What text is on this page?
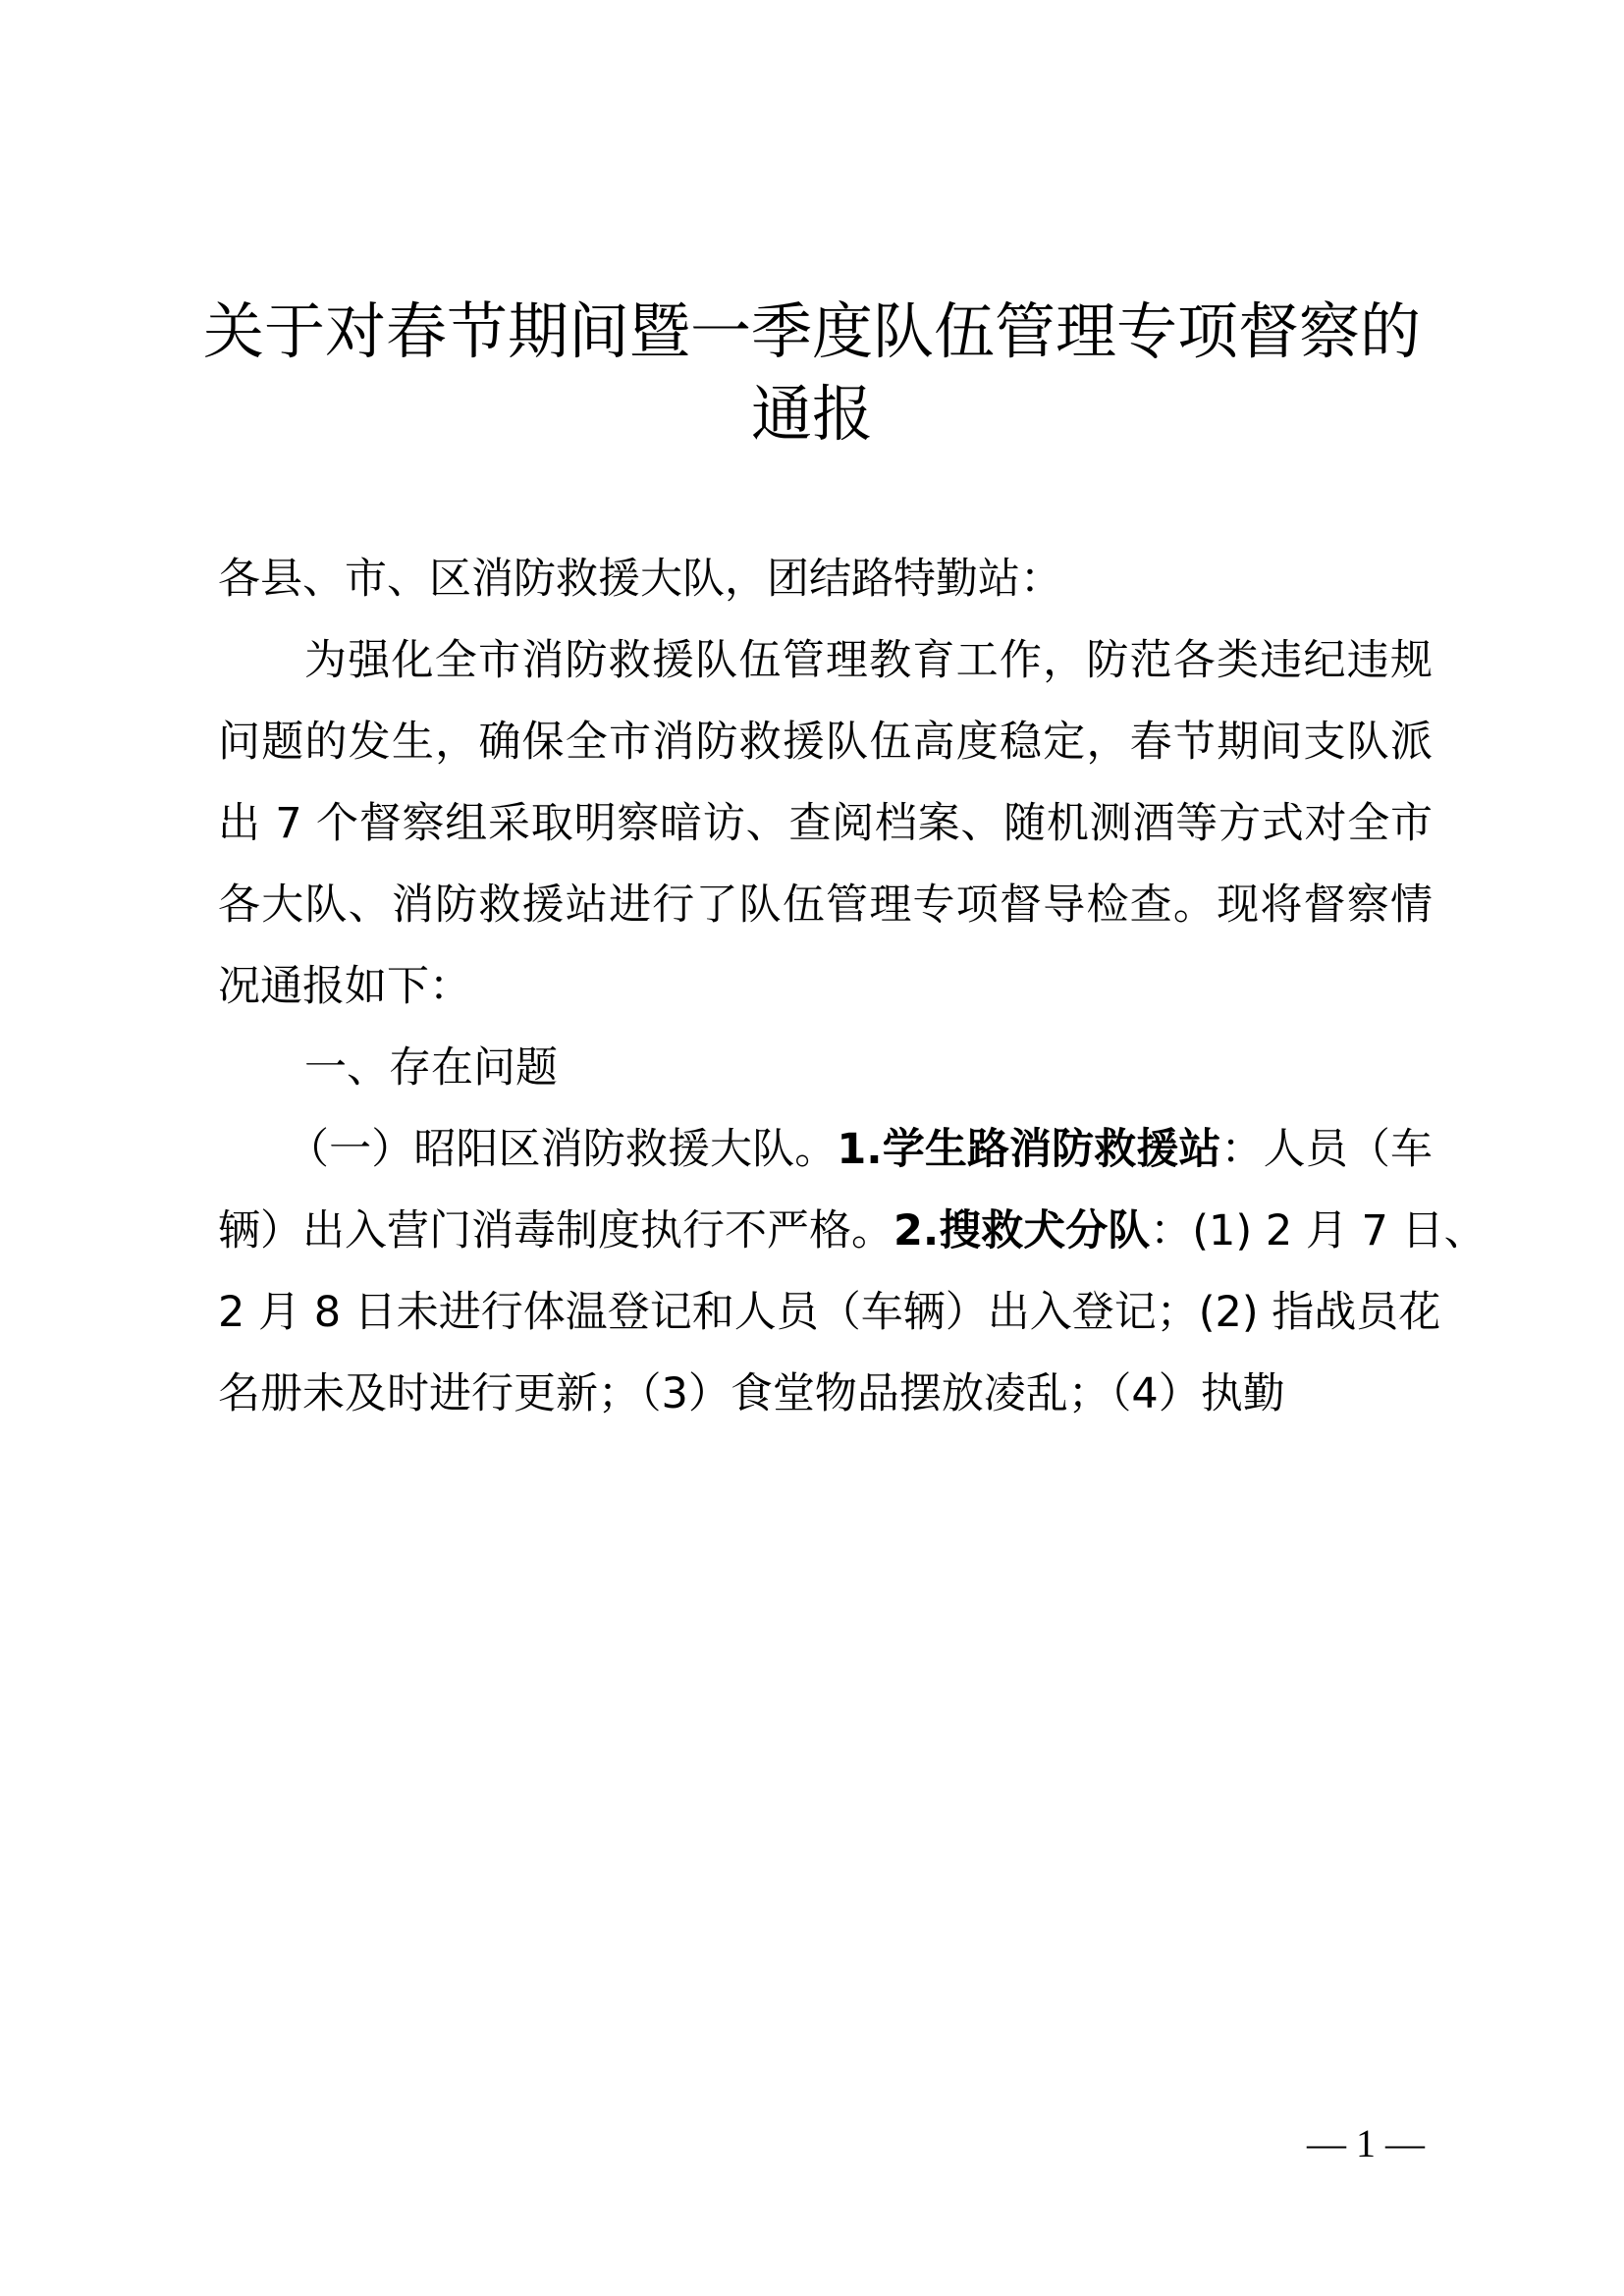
关于对春节期间暨一季度队伍管理专项督察的
通报
各县、市、区消防救援大队，团结路特勤站：
为强化全市消防救援队伍管理教育工作，防范各类违纪违规
问题的发生，确保全市消防救援队伍高度稳定，春节期间支队派
出 7 个督察组采取明察暗访、查阅档案、随机测酒等方式对全市
各大队、消防救援站进行了队伍管理专项督导检查。现将督察情
况通报如下：
一、存在问题
（一）昭阳区消防救援大队。1.学生路消防救援站：人员（车
辆）出入营门消毒制度执行不严格。2.搜救犬分队：(1) 2 月 7 日、
2 月 8 日未进行体温登记和人员（车辆）出入登记；(2) 指战员花
名册未及时进行更新；（3）食堂物品摆放凌乱；（4）执勤
— 1 —
